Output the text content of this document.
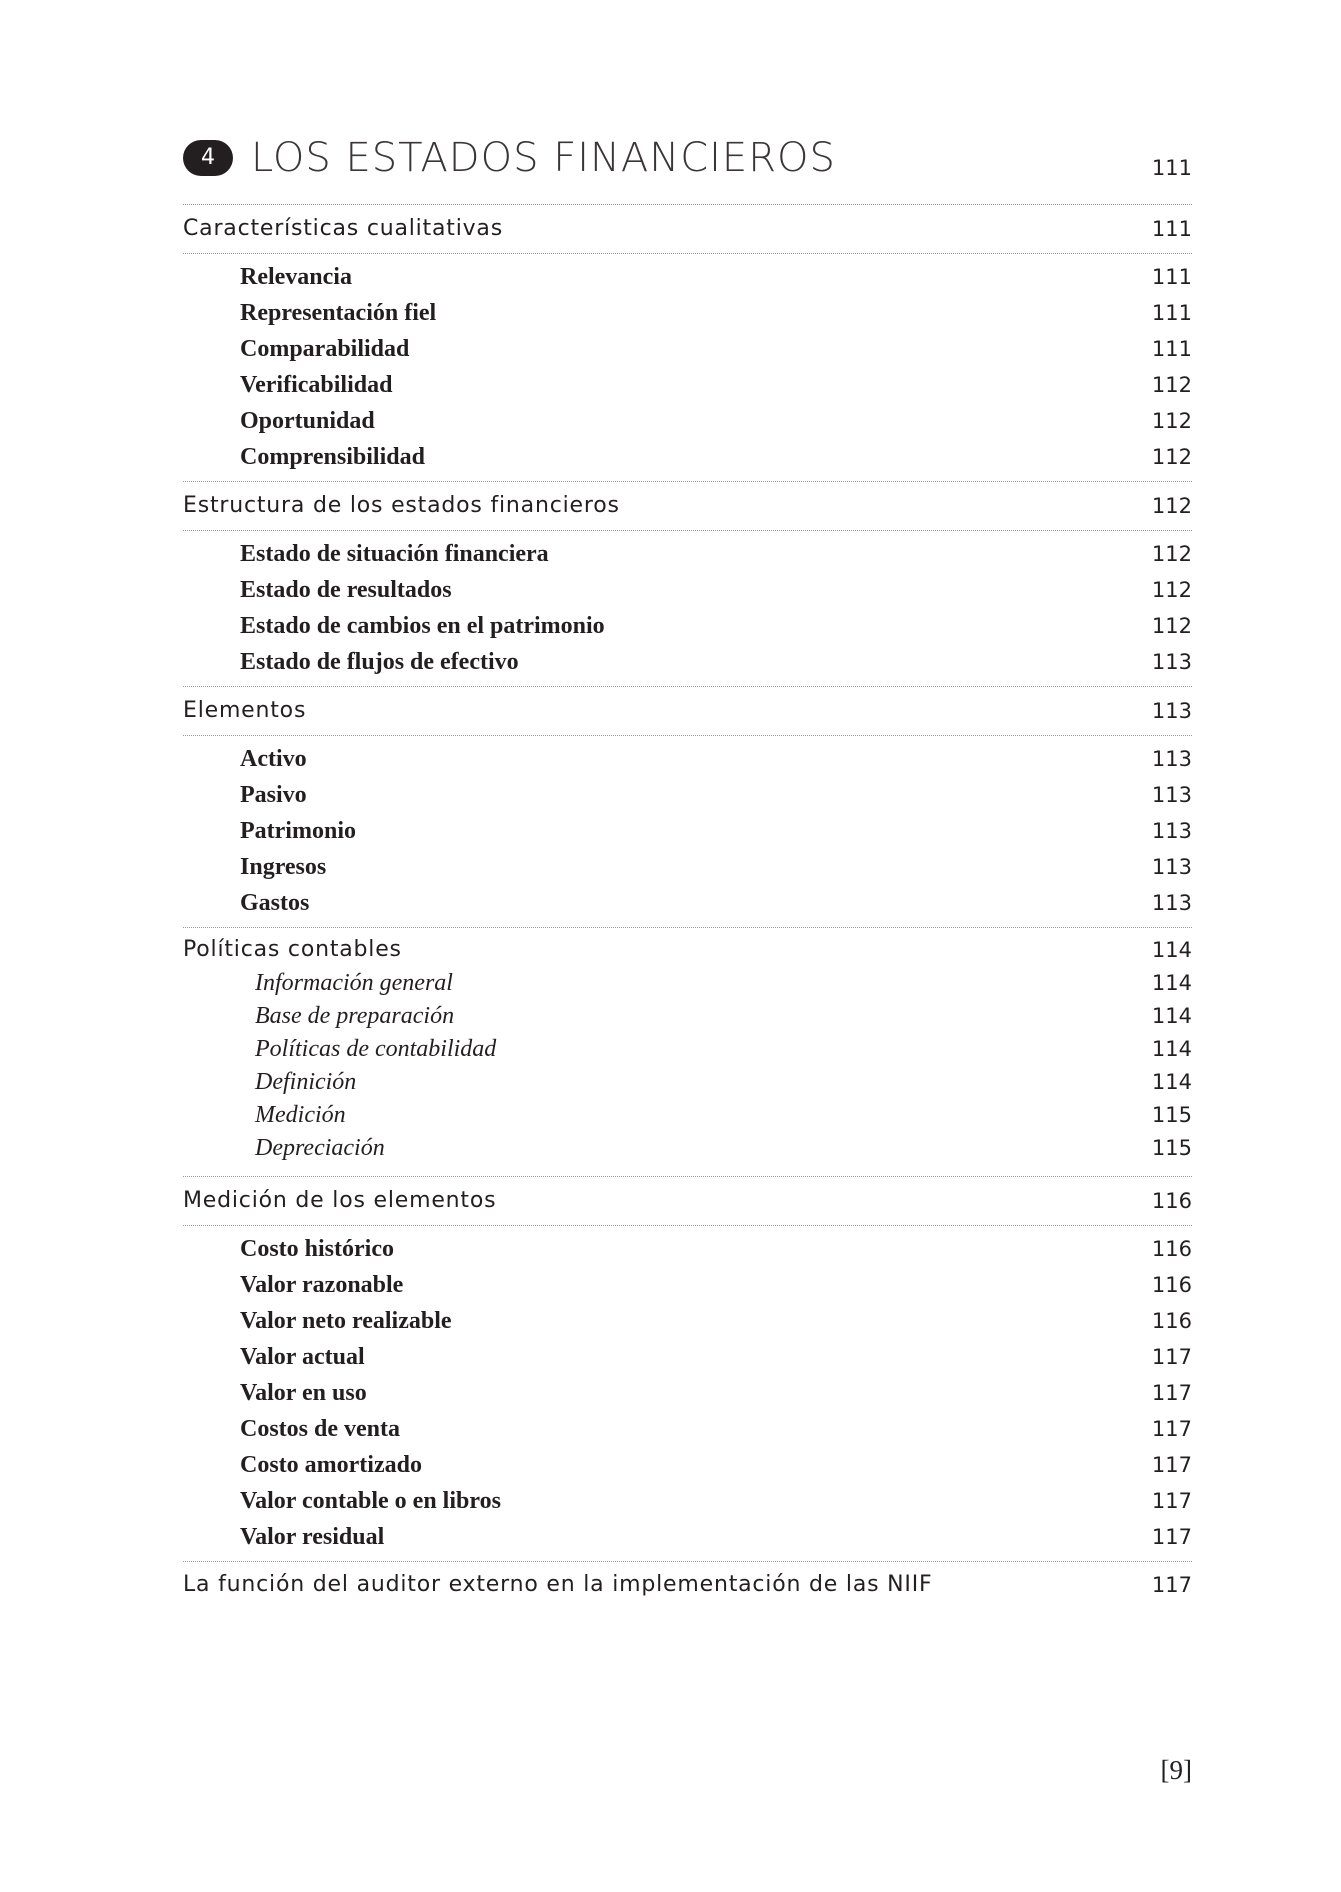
4 LOS ESTADOS FINANCIEROS	111
Características cualitativas	111
Relevancia	111
Representación fiel	111
Comparabilidad	111
Verificabilidad	112
Oportunidad	112
Comprensibilidad	112
Estructura de los estados financieros	112
Estado de situación financiera	112
Estado de resultados	112
Estado de cambios en el patrimonio	112
Estado de flujos de efectivo	113
Elementos	113
Activo	113
Pasivo	113
Patrimonio	113
Ingresos	113
Gastos	113
Políticas contables	114
Información general	114
Base de preparación	114
Políticas de contabilidad	114
Definición	114
Medición	115
Depreciación	115
Medición de los elementos	116
Costo histórico	116
Valor razonable	116
Valor neto realizable	116
Valor actual	117
Valor en uso	117
Costos de venta	117
Costo amortizado	117
Valor contable o en libros	117
Valor residual	117
La función del auditor externo en la implementación de las NIIF	117
[9]
